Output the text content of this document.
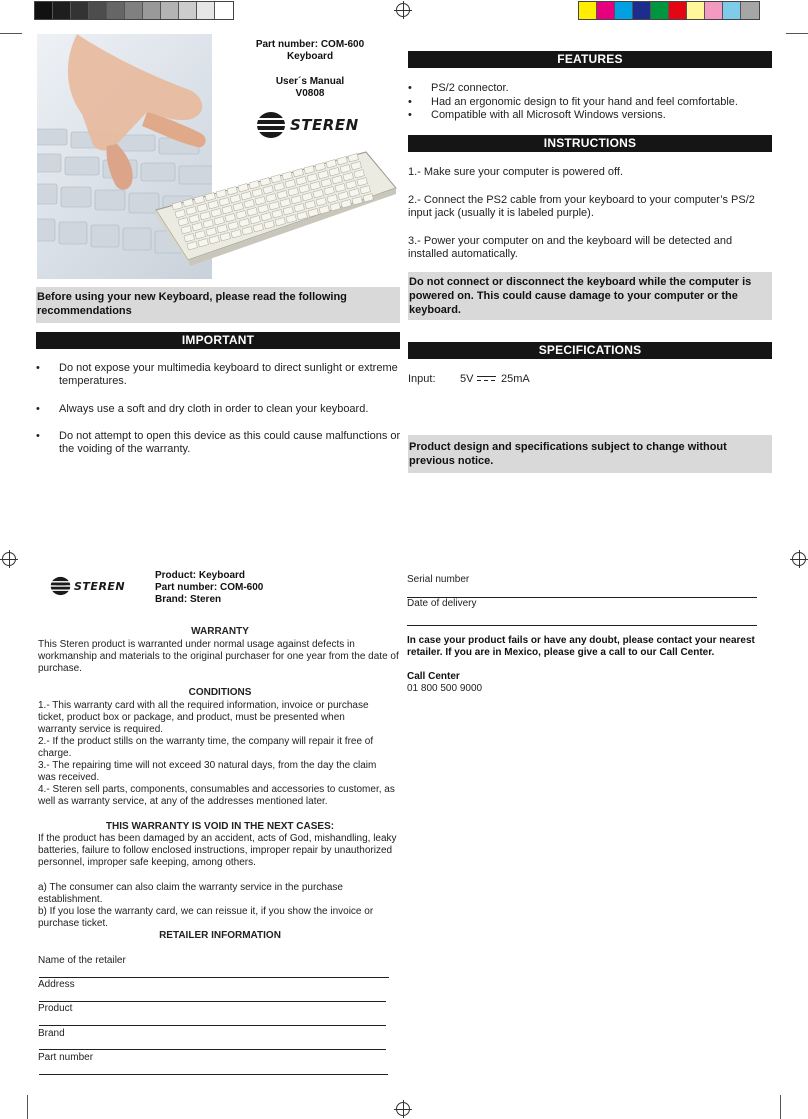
Part number: COM-600
Keyboard
User´s Manual
V0808
STEREN
Before using your new Keyboard, please read the following recommendations
IMPORTANT
• Do not expose your multimedia keyboard to direct sunlight or extreme temperatures.
• Always use a soft and dry cloth in order to clean your keyboard.
• Do not attempt to open this device as this could cause malfunctions or the voiding of the warranty.
FEATURES
• PS/2 connector.
• Had an ergonomic design to fit your hand and feel comfortable.
• Compatible with all Microsoft Windows versions.
INSTRUCTIONS
1.- Make sure your computer is powered off.
2.- Connect the PS2 cable from your keyboard to your computer’s PS/2 input jack (usually it is labeled purple).
3.- Power your computer on and the keyboard will be detected and installed automatically.
Do not connect or disconnect the keyboard while the computer is powered on. This could cause damage to your computer or the keyboard.
SPECIFICATIONS
Input: 5V	25mA
Product design and specifications subject to change without previous notice.
STEREN
Product: Keyboard
Part number: COM-600
Brand: Steren
WARRANTY
This Steren product is warranted under normal usage against defects in workmanship and materials to the original purchaser for one year from the date of purchase.
CONDITIONS
1.- This warranty card with all the required information, invoice or purchase ticket, product box or package, and product, must be presented when warranty service is required.
2.- If the product stills on the warranty time, the company will repair it free of charge.
3.- The repairing time will not exceed 30 natural days, from the day the claim was received.
4.- Steren sell parts, components, consumables and accessories to customer, as well as warranty service, at any of the addresses mentioned later.
THIS WARRANTY IS VOID IN THE NEXT CASES:
If the product has been damaged by an accident, acts of God, mishandling, leaky batteries, failure to follow enclosed instructions, improper repair by unauthorized personnel, improper safe keeping, among others.
a) The consumer can also claim the warranty service in the purchase establishment.
b) If you lose the warranty card, we can reissue it, if you show the invoice or purchase ticket.
RETAILER INFORMATION
Name of the retailer
Address
Product
Brand
Part number
Serial number
Date of delivery
In case your product fails or have any doubt, please contact your nearest retailer. If you are in Mexico, please give a call to our Call Center.
Call Center
01 800 500 9000
